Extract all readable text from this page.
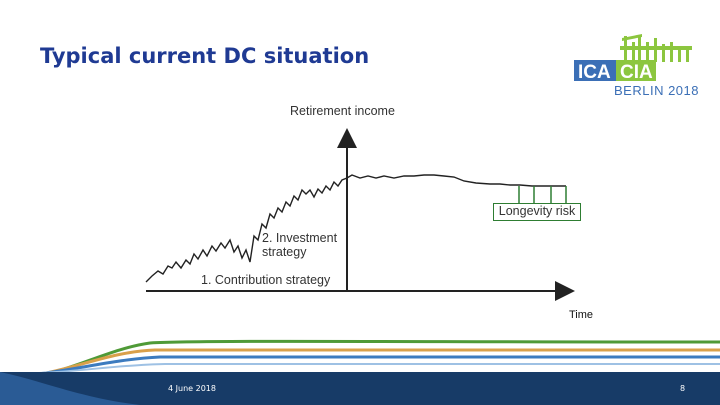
Typical current DC situation
ICA CIA
BERLIN 2018
Retirement income
2. Investment strategy
1. Contribution strategy
Longevity risk
Time
4 June 2018	8
